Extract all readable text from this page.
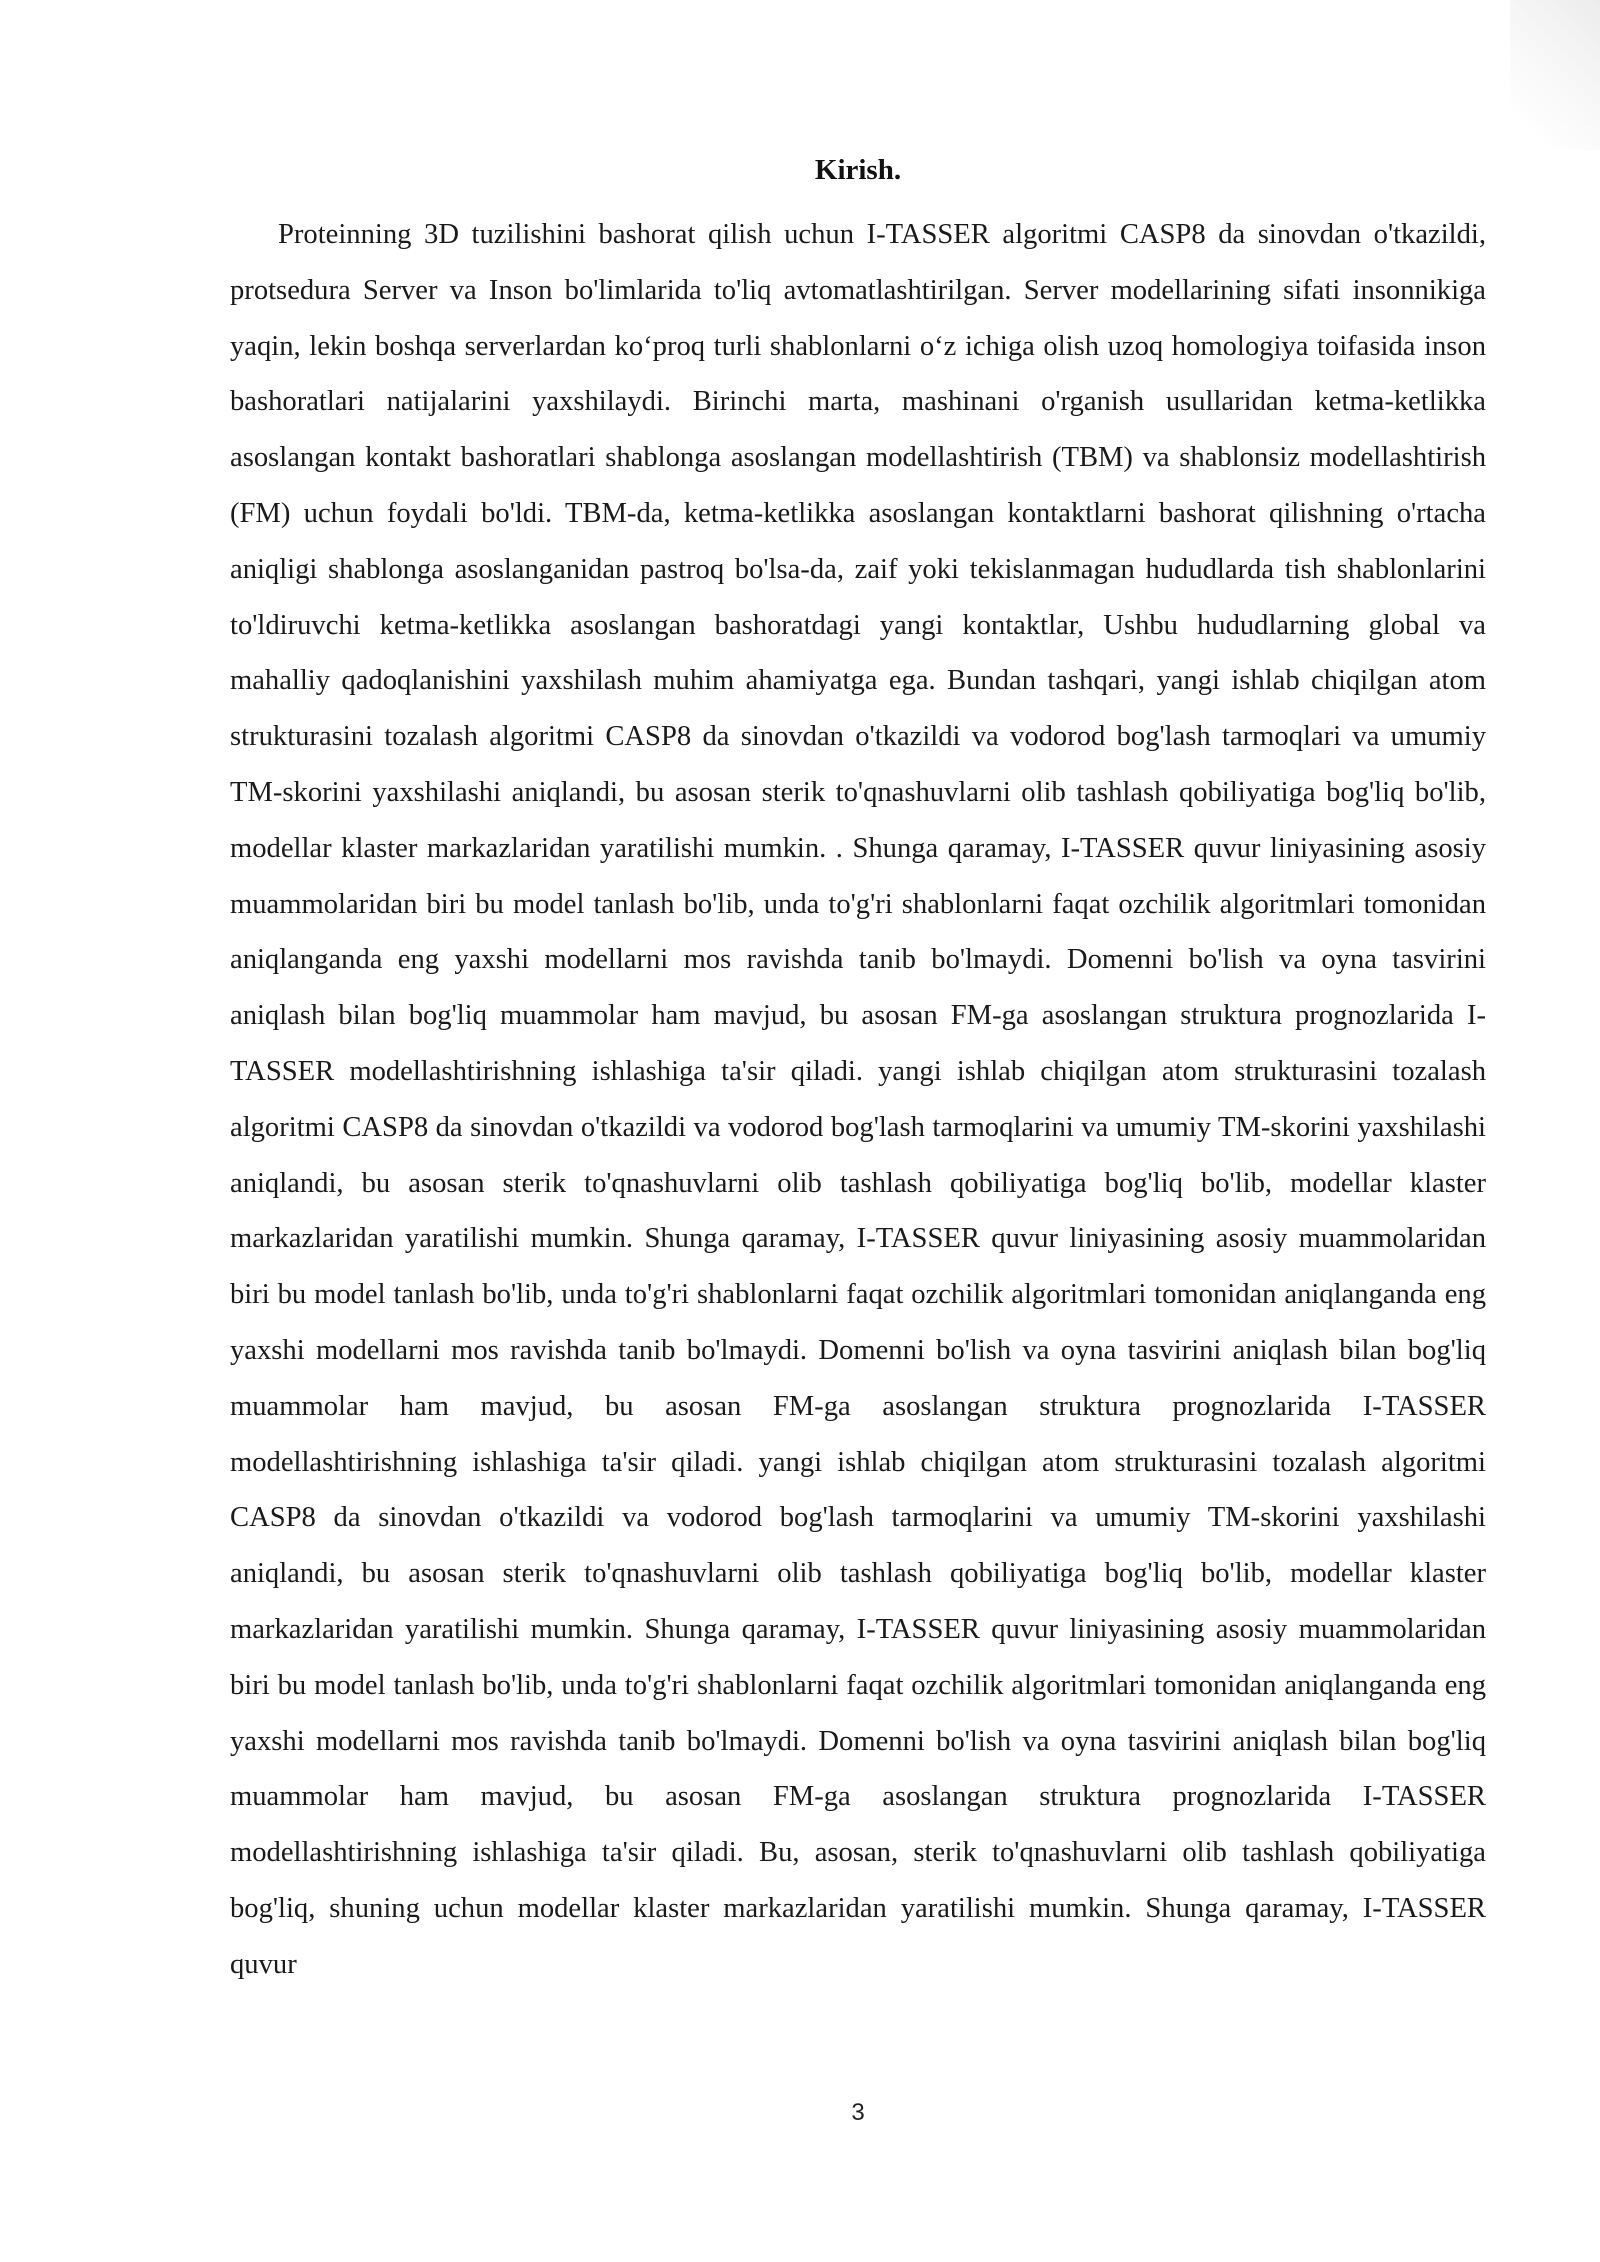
Kirish.

Proteinning 3D tuzilishini bashorat qilish uchun I-TASSER algoritmi CASP8 da sinovdan o'tkazildi, protsedura Server va Inson bo'limlarida to'liq avtomatlashtirilgan. Server modellarining sifati insonnikiga yaqin, lekin boshqa serverlardan koʻproq turli shablonlarni oʻz ichiga olish uzoq homologiya toifasida inson bashoratlari natijalarini yaxshilaydi. Birinchi marta, mashinani o'rganish usullaridan ketma-ketlikka asoslangan kontakt bashoratlari shablonga asoslangan modellashtirish (TBM) va shablonsiz modellashtirish (FM) uchun foydali bo'ldi. TBM-da, ketma-ketlikka asoslangan kontaktlarni bashorat qilishning o'rtacha aniqligi shablonga asoslanganidan pastroq bo'lsa-da, zaif yoki tekislanmagan hududlarda tish shablonlarini to'ldiruvchi ketma-ketlikka asoslangan bashoratdagi yangi kontaktlar, Ushbu hududlarning global va mahalliy qadoqlanishini yaxshilash muhim ahamiyatga ega. Bundan tashqari, yangi ishlab chiqilgan atom strukturasini tozalash algoritmi CASP8 da sinovdan o'tkazildi va vodorod bog'lash tarmoqlari va umumiy TM-skorini yaxshilashi aniqlandi, bu asosan sterik to'qnashuvlarni olib tashlash qobiliyatiga bog'liq bo'lib, modellar klaster markazlaridan yaratilishi mumkin. . Shunga qaramay, I-TASSER quvur liniyasining asosiy muammolaridan biri bu model tanlash bo'lib, unda to'g'ri shablonlarni faqat ozchilik algoritmlari tomonidan aniqlanganda eng yaxshi modellarni mos ravishda tanib bo'lmaydi. Domenni bo'lish va oyna tasvirini aniqlash bilan bog'liq muammolar ham mavjud, bu asosan FM-ga asoslangan struktura prognozlarida I-TASSER modellashtirishning ishlashiga ta'sir qiladi. yangi ishlab chiqilgan atom strukturasini tozalash algoritmi CASP8 da sinovdan o'tkazildi va vodorod bog'lash tarmoqlarini va umumiy TM-skorini yaxshilashi aniqlandi, bu asosan sterik to'qnashuvlarni olib tashlash qobiliyatiga bog'liq bo'lib, modellar klaster markazlaridan yaratilishi mumkin. Shunga qaramay, I-TASSER quvur liniyasining asosiy muammolaridan biri bu model tanlash bo'lib, unda to'g'ri shablonlarni faqat ozchilik algoritmlari tomonidan aniqlanganda eng yaxshi modellarni mos ravishda tanib bo'lmaydi. Domenni bo'lish va oyna tasvirini aniqlash bilan bog'liq muammolar ham mavjud, bu asosan FM-ga asoslangan struktura prognozlarida I-TASSER modellashtirishning ishlashiga ta'sir qiladi. yangi ishlab chiqilgan atom strukturasini tozalash algoritmi CASP8 da sinovdan o'tkazildi va vodorod bog'lash tarmoqlarini va umumiy TM-skorini yaxshilashi aniqlandi, bu asosan sterik to'qnashuvlarni olib tashlash qobiliyatiga bog'liq bo'lib, modellar klaster markazlaridan yaratilishi mumkin. Shunga qaramay, I-TASSER quvur liniyasining asosiy muammolaridan biri bu model tanlash bo'lib, unda to'g'ri shablonlarni faqat ozchilik algoritmlari tomonidan aniqlanganda eng yaxshi modellarni mos ravishda tanib bo'lmaydi. Domenni bo'lish va oyna tasvirini aniqlash bilan bog'liq muammolar ham mavjud, bu asosan FM-ga asoslangan struktura prognozlarida I-TASSER modellashtirishning ishlashiga ta'sir qiladi. Bu, asosan, sterik to'qnashuvlarni olib tashlash qobiliyatiga bog'liq, shuning uchun modellar klaster markazlaridan yaratilishi mumkin. Shunga qaramay, I-TASSER quvur

3
